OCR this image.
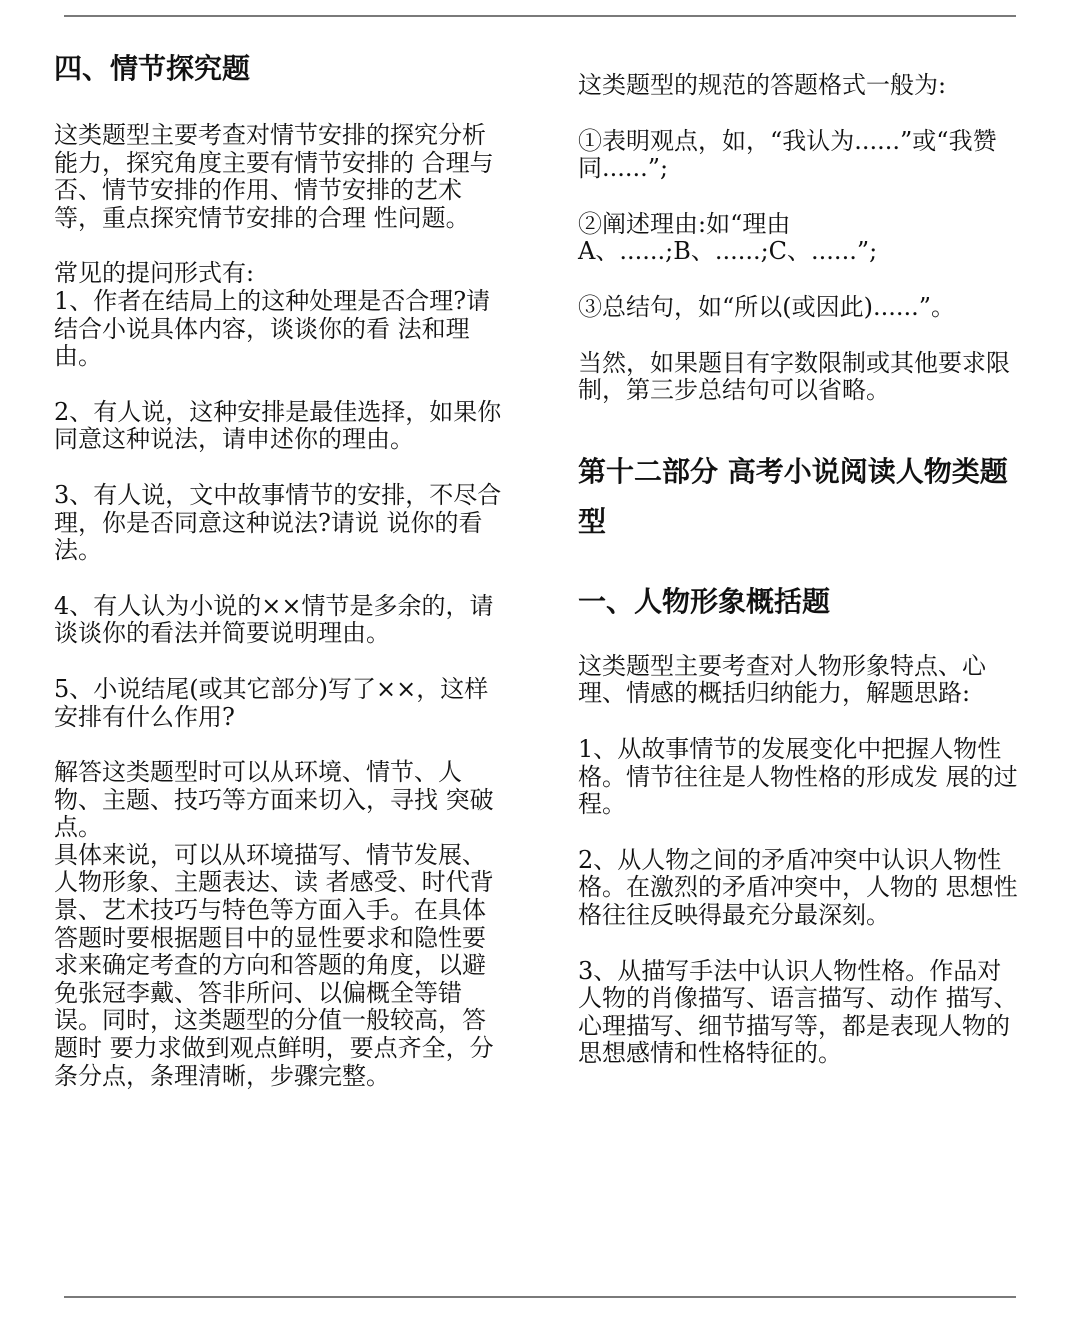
四、情节探究题

这类题型主要考查对情节安排的探究分析能力，探究角度主要有情节安排的 合理与否、情节安排的作用、情节安排的艺术等，重点探究情节安排的合理 性问题。

常见的提问形式有:
1、作者在结局上的这种处理是否合理?请结合小说具体内容，谈谈你的看 法和理由。

2、有人说，这种安排是最佳选择，如果你同意这种说法，请申述你的理由。

3、有人说，文中故事情节的安排，不尽合理，你是否同意这种说法?请说 说你的看法。

4、有人认为小说的××情节是多余的，请谈谈你的看法并简要说明理由。

5、小说结尾(或其它部分)写了××，这样安排有什么作用?

解答这类题型时可以从环境、情节、人物、主题、技巧等方面来切入，寻找 突破点。
具体来说，可以从环境描写、情节发展、人物形象、主题表达、读 者感受、时代背景、艺术技巧与特色等方面入手。在具体答题时要根据题目中的显性要求和隐性要求来确定考查的方向和答题的角度，以避免张冠李戴、答非所问、以偏概全等错误。同时，这类题型的分值一般较高，答题时 要力求做到观点鲜明，要点齐全，分条分点，条理清晰，步骤完整。

这类题型的规范的答题格式一般为:

①表明观点，如，“我认为......”或“我赞同......”;

②阐述理由:如“理由
A、......;B、......;C、......”;

③总结句，如“所以(或因此)......”。

当然，如果题目有字数限制或其他要求限制，第三步总结句可以省略。

第十二部分 高考小说阅读人物类题型
一、人物形象概括题

这类题型主要考查对人物形象特点、心理、情感的概括归纳能力，解题思路:

1、从故事情节的发展变化中把握人物性格。情节往往是人物性格的形成发 展的过程。

2、从人物之间的矛盾冲突中认识人物性格。在激烈的矛盾冲突中，人物的 思想性格往往反映得最充分最深刻。

3、从描写手法中认识人物性格。作品对人物的肖像描写、语言描写、动作 描写、心理描写、细节描写等，都是表现人物的思想感情和性格特征的。
